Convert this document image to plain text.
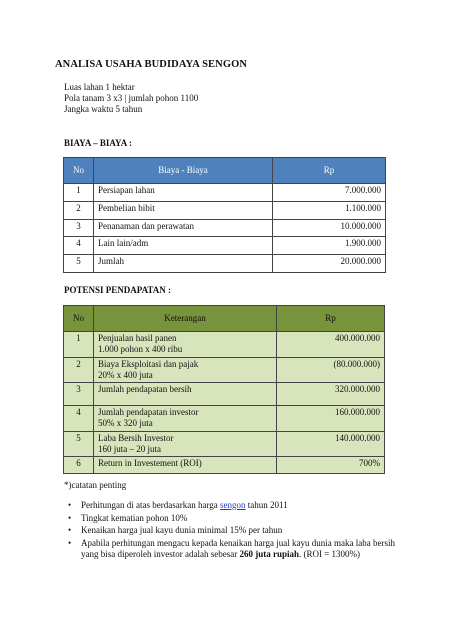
ANALISA USAHA BUDIDAYA SENGON
Luas lahan 1 hektar
Pola tanam 3 x3 | jumlah pohon 1100
Jangka waktu 5 tahun
BIAYA – BIAYA :
No	Biaya - Biaya	Rp
1	Persiapan lahan	7.000.000
2	Pembelian bibit	1.100.000
3	Penanaman dan perawatan	10.000.000
4	Lain lain/adm	1.900.000
5	Jumlah	20.000.000
POTENSI PENDAPATAN :
No	Keterangan	Rp
1	Penjualan hasil panen
1.000 pohon x 400 ribu	400.000.000
2	Biaya Eksploitasi dan pajak
20% x 400 juta	(80.000.000)
3	Jumlah pendapatan bersih	320.000.000
4	Jumlah pendapatan investor
50% x 320 juta	160.000.000
5	Laba Bersih Investor
160 juta – 20 juta	140.000.000
6	Return in Investement (ROI)	700%
*)catatan penting
• Perhitungan di atas berdasarkan harga sengon tahun 2011
• Tingkat kematian pohon 10%
• Kenaikan harga jual kayu dunia minimal 15% per tahun
• Apabila perhitungan mengacu kepada kenaikan harga jual kayu dunia maka laba bersih yang bisa diperoleh investor adalah sebesar 260 juta rupiah. (ROI = 1300%)
